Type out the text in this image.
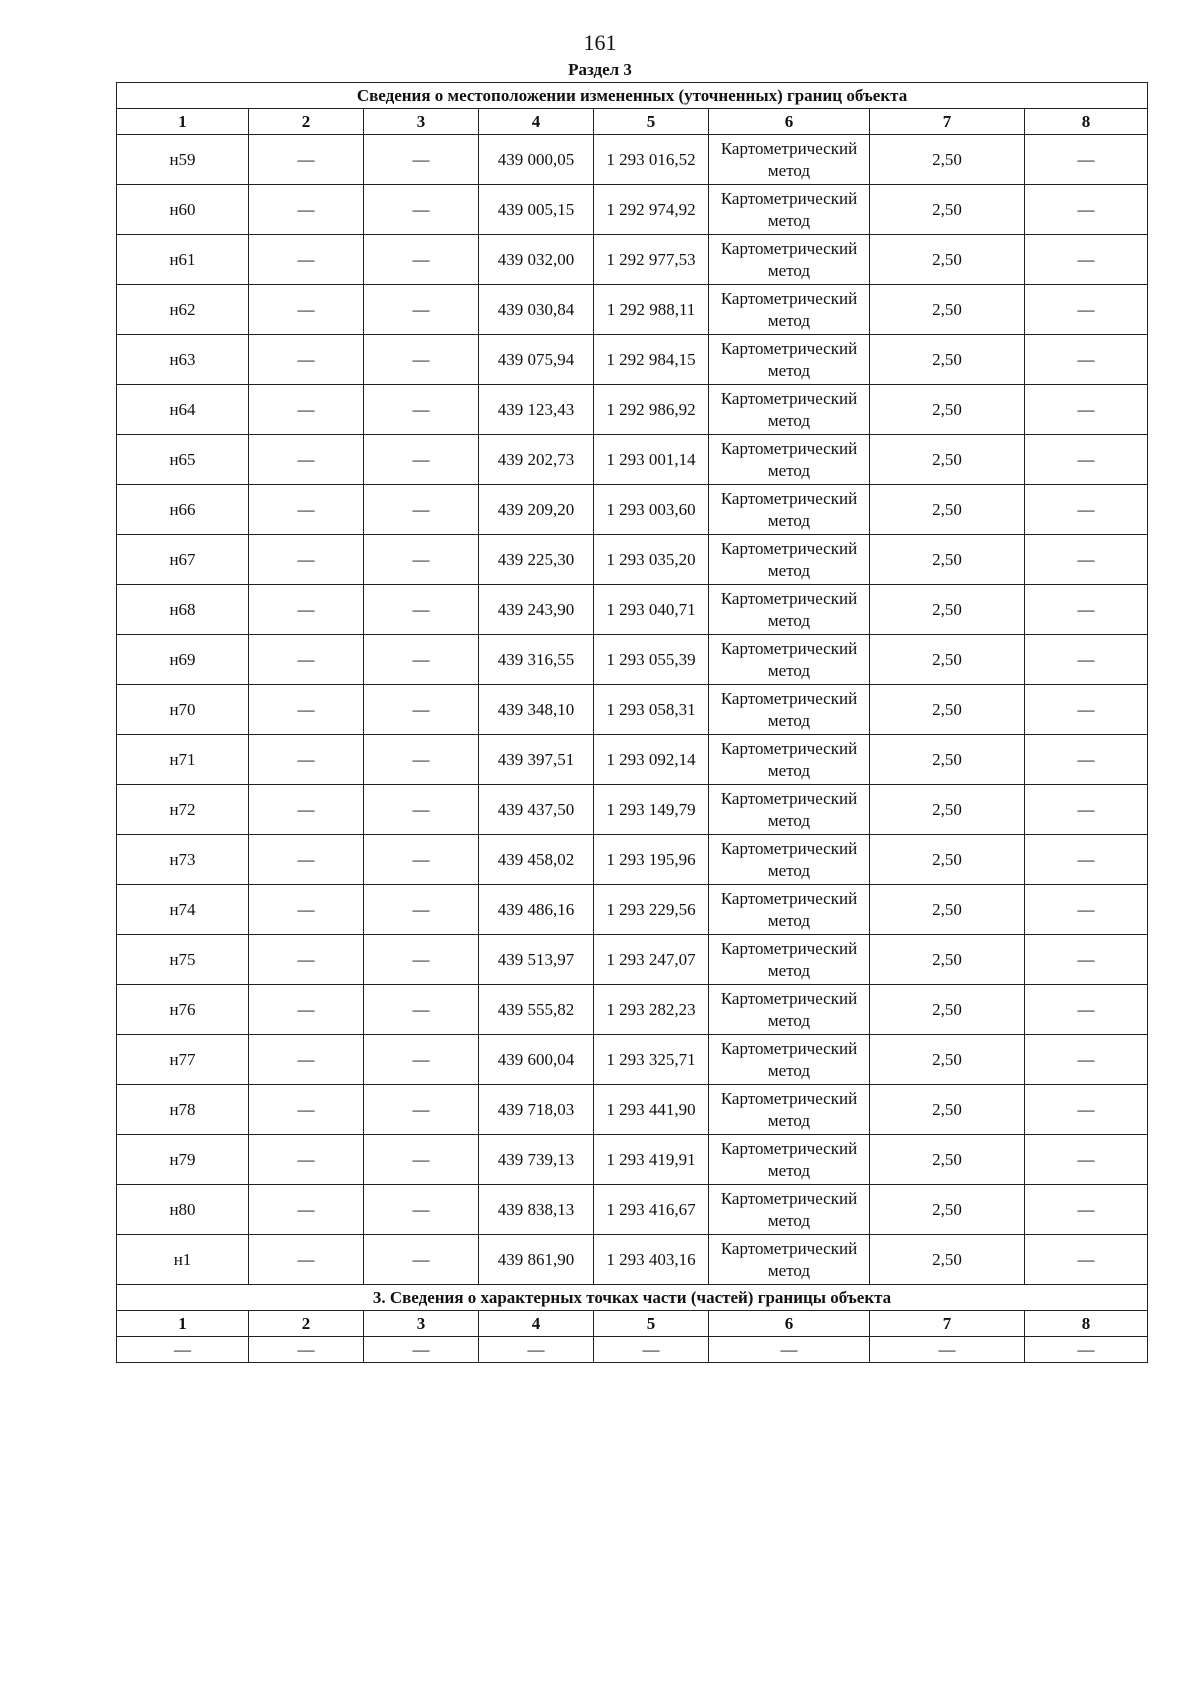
161
Раздел 3
Сведения о местоположении измененных (уточненных) границ объекта							
1	2	3	4	5	6	7	8
н59	—	—	439 000,05	1 293 016,52	Картометрический метод	2,50	—
н60	—	—	439 005,15	1 292 974,92	Картометрический метод	2,50	—
н61	—	—	439 032,00	1 292 977,53	Картометрический метод	2,50	—
н62	—	—	439 030,84	1 292 988,11	Картометрический метод	2,50	—
н63	—	—	439 075,94	1 292 984,15	Картометрический метод	2,50	—
н64	—	—	439 123,43	1 292 986,92	Картометрический метод	2,50	—
н65	—	—	439 202,73	1 293 001,14	Картометрический метод	2,50	—
н66	—	—	439 209,20	1 293 003,60	Картометрический метод	2,50	—
н67	—	—	439 225,30	1 293 035,20	Картометрический метод	2,50	—
н68	—	—	439 243,90	1 293 040,71	Картометрический метод	2,50	—
н69	—	—	439 316,55	1 293 055,39	Картометрический метод	2,50	—
н70	—	—	439 348,10	1 293 058,31	Картометрический метод	2,50	—
н71	—	—	439 397,51	1 293 092,14	Картометрический метод	2,50	—
н72	—	—	439 437,50	1 293 149,79	Картометрический метод	2,50	—
н73	—	—	439 458,02	1 293 195,96	Картометрический метод	2,50	—
н74	—	—	439 486,16	1 293 229,56	Картометрический метод	2,50	—
н75	—	—	439 513,97	1 293 247,07	Картометрический метод	2,50	—
н76	—	—	439 555,82	1 293 282,23	Картометрический метод	2,50	—
н77	—	—	439 600,04	1 293 325,71	Картометрический метод	2,50	—
н78	—	—	439 718,03	1 293 441,90	Картометрический метод	2,50	—
н79	—	—	439 739,13	1 293 419,91	Картометрический метод	2,50	—
н80	—	—	439 838,13	1 293 416,67	Картометрический метод	2,50	—
н1	—	—	439 861,90	1 293 403,16	Картометрический метод	2,50	—
3. Сведения о характерных точках части (частей) границы объекта							
1	2	3	4	5	6	7	8
—	—	—	—	—	—	—	—
